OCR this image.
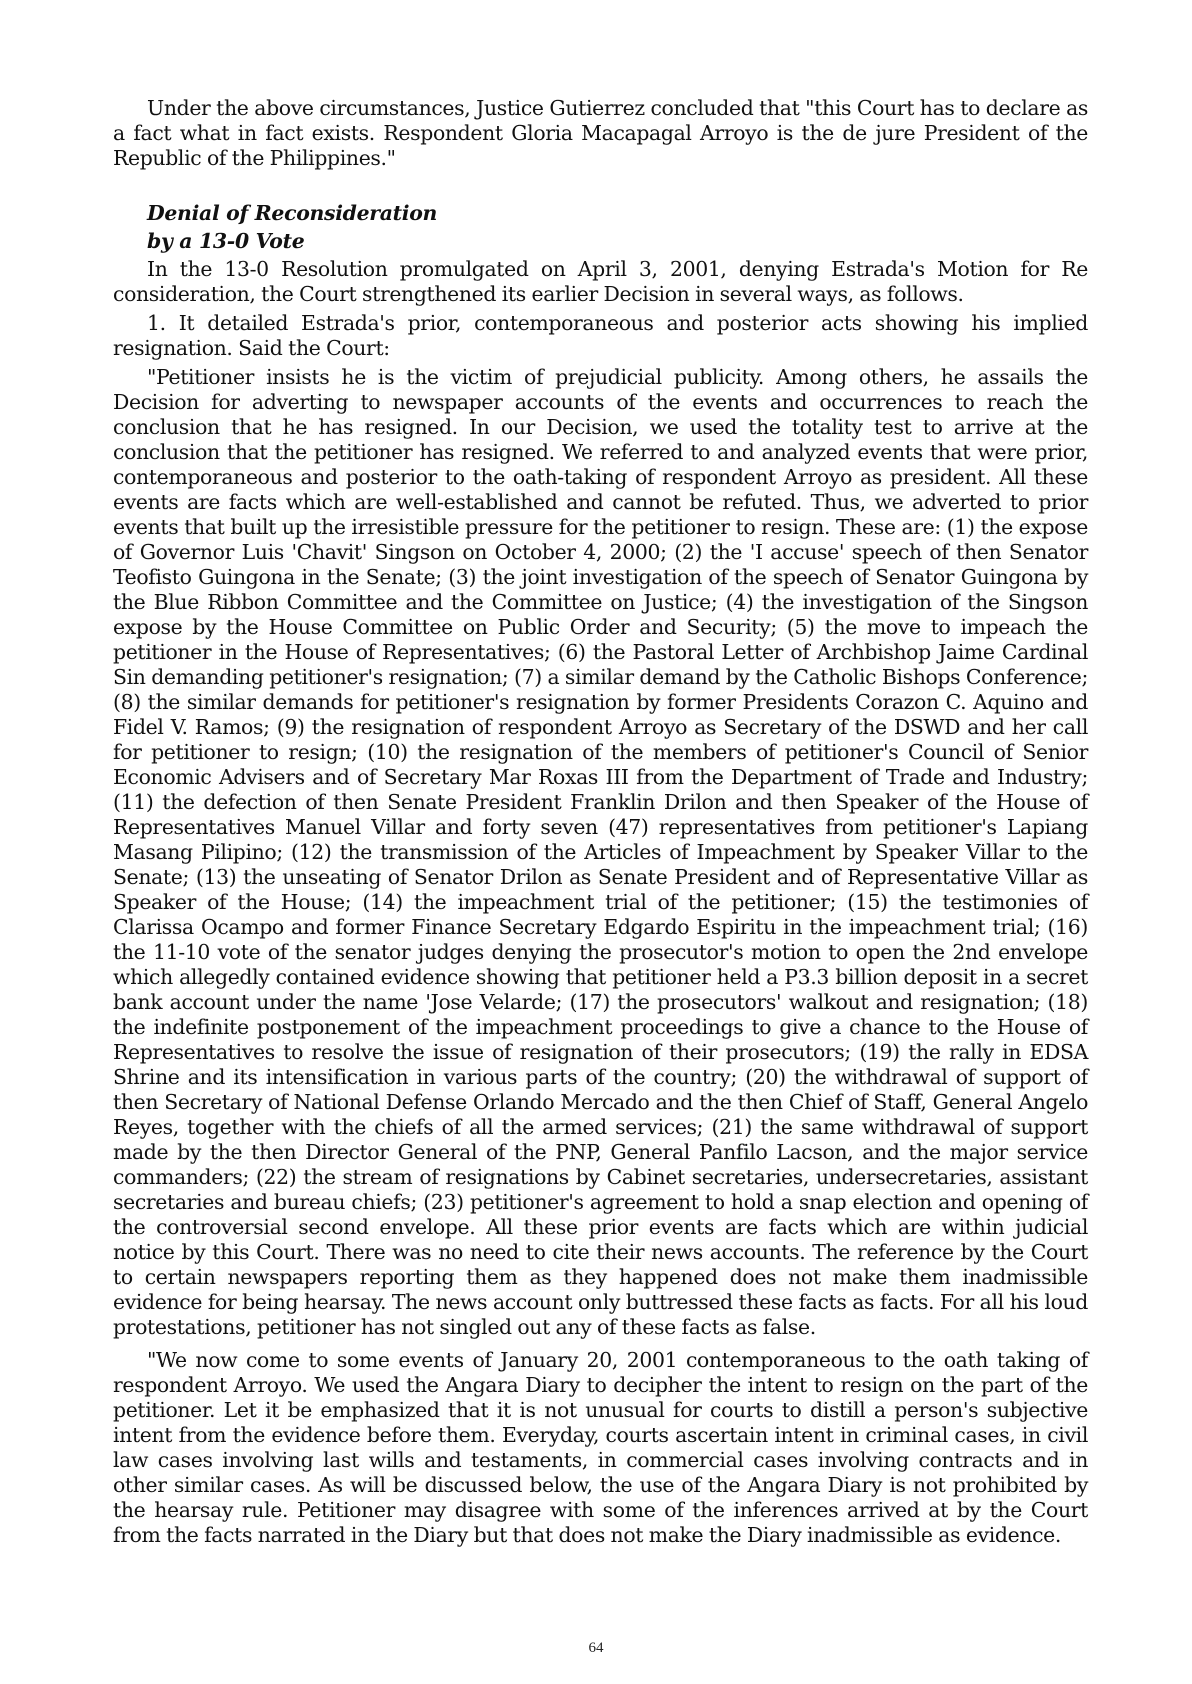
Under the above circumstances, Justice Gutierrez concluded that "this Court has to declare as a fact what in fact exists. Respondent Gloria Macapagal Arroyo is the de jure President of the Republic of the Philippines."

Denial of Reconsideration

by a 13-0 Vote

In the 13-0 Resolution promulgated on April 3, 2001, denying Estrada's Motion for Re consideration, the Court strengthened its earlier Decision in several ways, as follows.

1. It detailed Estrada's prior, contemporaneous and posterior acts showing his implied resignation. Said the Court:

"Petitioner insists he is the victim of prejudicial publicity. Among others, he assails the Decision for adverting to newspaper accounts of the events and occurrences to reach the conclusion that he has resigned. In our Decision, we used the totality test to arrive at the conclusion that the petitioner has resigned. We referred to and analyzed events that were prior, contemporaneous and posterior to the oath-taking of respondent Arroyo as president. All these events are facts which are well-established and cannot be refuted. Thus, we adverted to prior events that built up the irresistible pressure for the petitioner to resign. These are: (1) the expose of Governor Luis 'Chavit' Singson on October 4, 2000; (2) the 'I accuse' speech of then Senator Teofisto Guingona in the Senate; (3) the joint investigation of the speech of Senator Guingona by the Blue Ribbon Committee and the Committee on Justice; (4) the investigation of the Singson expose by the House Committee on Public Order and Security; (5) the move to impeach the petitioner in the House of Representatives; (6) the Pastoral Letter of Archbishop Jaime Cardinal Sin demanding petitioner's resignation; (7) a similar demand by the Catholic Bishops Conference; (8) the similar demands for petitioner's resignation by former Presidents Corazon C. Aquino and Fidel V. Ramos; (9) the resignation of respondent Arroyo as Secretary of the DSWD and her call for petitioner to resign; (10) the resignation of the members of petitioner's Council of Senior Economic Advisers and of Secretary Mar Roxas III from the Department of Trade and Industry; (11) the defection of then Senate President Franklin Drilon and then Speaker of the House of Representatives Manuel Villar and forty seven (47) representatives from petitioner's Lapiang Masang Pilipino; (12) the transmission of the Articles of Impeachment by Speaker Villar to the Senate; (13) the unseating of Senator Drilon as Senate President and of Representative Villar as Speaker of the House; (14) the impeachment trial of the petitioner; (15) the testimonies of Clarissa Ocampo and former Finance Secretary Edgardo Espiritu in the impeachment trial; (16) the 11-10 vote of the senator judges denying the prosecutor's motion to open the 2nd envelope which allegedly contained evidence showing that petitioner held a P3.3 billion deposit in a secret bank account under the name 'Jose Velarde; (17) the prosecutors' walkout and resignation; (18) the indefinite postponement of the impeachment proceedings to give a chance to the House of Representatives to resolve the issue of resignation of their prosecutors; (19) the rally in EDSA Shrine and its intensification in various parts of the country; (20) the withdrawal of support of then Secretary of National Defense Orlando Mercado and the then Chief of Staff, General Angelo Reyes, together with the chiefs of all the armed services; (21) the same withdrawal of support made by the then Director General of the PNP, General Panfilo Lacson, and the major service commanders; (22) the stream of resignations by Cabinet secretaries, undersecretaries, assistant secretaries and bureau chiefs; (23) petitioner's agreement to hold a snap election and opening of the controversial second envelope. All these prior events are facts which are within judicial notice by this Court. There was no need to cite their news accounts. The reference by the Court to certain newspapers reporting them as they happened does not make them inadmissible evidence for being hearsay. The news account only buttressed these facts as facts. For all his loud protestations, petitioner has not singled out any of these facts as false.

"We now come to some events of January 20, 2001 contemporaneous to the oath taking of respondent Arroyo. We used the Angara Diary to decipher the intent to resign on the part of the petitioner. Let it be emphasized that it is not unusual for courts to distill a person's subjective intent from the evidence before them. Everyday, courts ascertain intent in criminal cases, in civil law cases involving last wills and testaments, in commercial cases involving contracts and in other similar cases. As will be discussed below, the use of the Angara Diary is not prohibited by the hearsay rule. Petitioner may disagree with some of the inferences arrived at by the Court from the facts narrated in the Diary but that does not make the Diary inadmissible as evidence.

64
